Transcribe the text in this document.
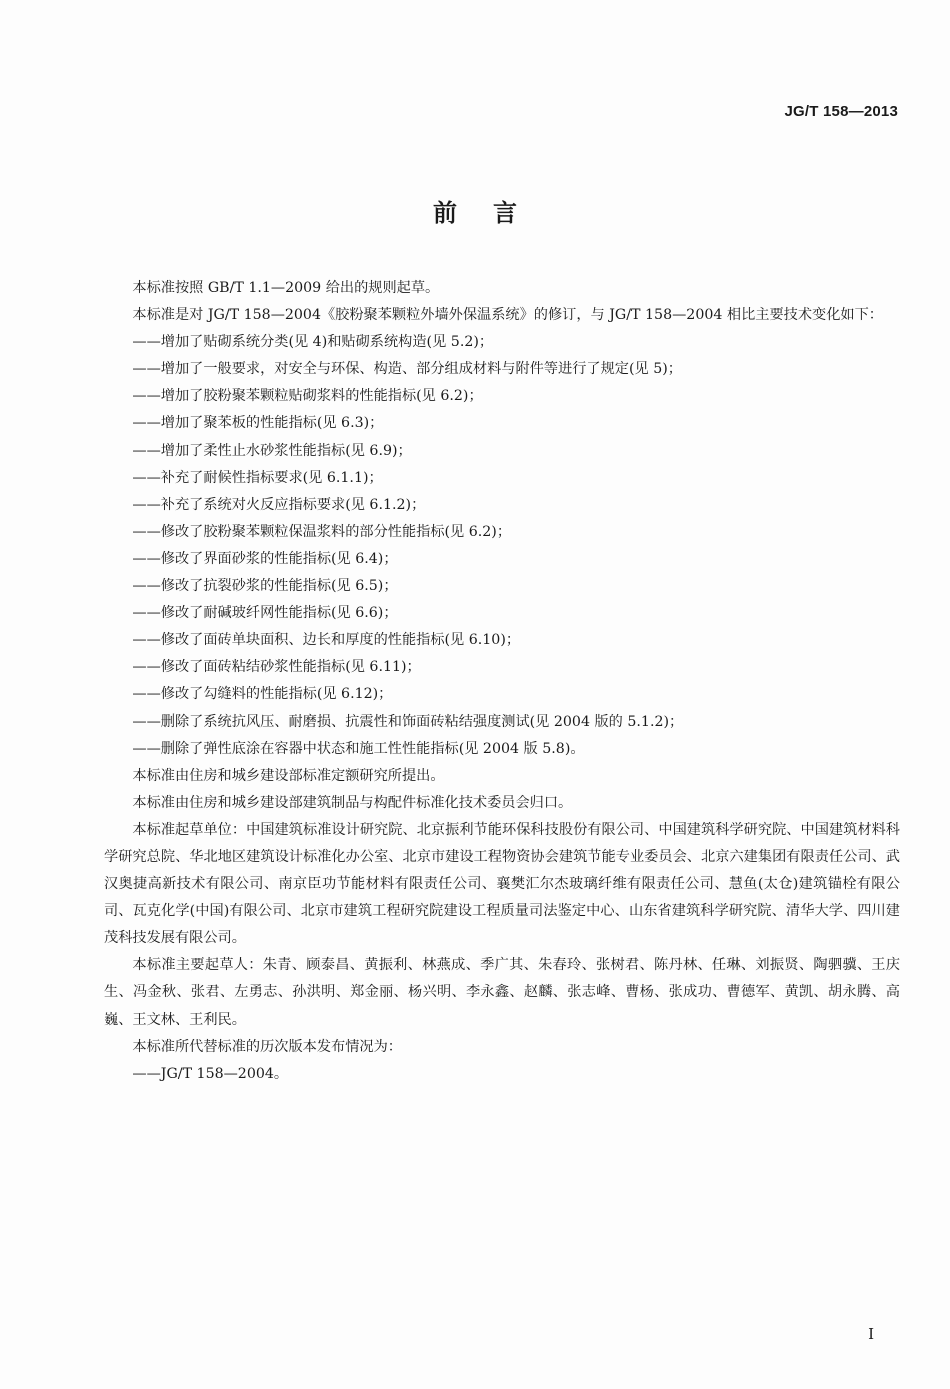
JG/T 158—2013
前言

本标准按照 GB/T 1.1—2009 给出的规则起草。

本标准是对 JG/T 158—2004《胶粉聚苯颗粒外墙外保温系统》的修订，与 JG/T 158—2004 相比主要技术变化如下：

——增加了贴砌系统分类(见 4)和贴砌系统构造(见 5.2)；

——增加了一般要求，对安全与环保、构造、部分组成材料与附件等进行了规定(见 5)；

——增加了胶粉聚苯颗粒贴砌浆料的性能指标(见 6.2)；

——增加了聚苯板的性能指标(见 6.3)；

——增加了柔性止水砂浆性能指标(见 6.9)；

——补充了耐候性指标要求(见 6.1.1)；

——补充了系统对火反应指标要求(见 6.1.2)；

——修改了胶粉聚苯颗粒保温浆料的部分性能指标(见 6.2)；

——修改了界面砂浆的性能指标(见 6.4)；

——修改了抗裂砂浆的性能指标(见 6.5)；

——修改了耐碱玻纤网性能指标(见 6.6)；

——修改了面砖单块面积、边长和厚度的性能指标(见 6.10)；

——修改了面砖粘结砂浆性能指标(见 6.11)；

——修改了勾缝料的性能指标(见 6.12)；

——删除了系统抗风压、耐磨损、抗震性和饰面砖粘结强度测试(见 2004 版的 5.1.2)；

——删除了弹性底涂在容器中状态和施工性性能指标(见 2004 版 5.8)。

本标准由住房和城乡建设部标准定额研究所提出。

本标准由住房和城乡建设部建筑制品与构配件标准化技术委员会归口。

本标准起草单位：中国建筑标准设计研究院、北京振利节能环保科技股份有限公司、中国建筑科学研究院、中国建筑材料科学研究总院、华北地区建筑设计标准化办公室、北京市建设工程物资协会建筑节能专业委员会、北京六建集团有限责任公司、武汉奥捷高新技术有限公司、南京臣功节能材料有限责任公司、襄樊汇尔杰玻璃纤维有限责任公司、慧鱼(太仓)建筑锚栓有限公司、瓦克化学(中国)有限公司、北京市建筑工程研究院建设工程质量司法鉴定中心、山东省建筑科学研究院、清华大学、四川建茂科技发展有限公司。

本标准主要起草人：朱青、顾泰昌、黄振利、林燕成、季广其、朱春玲、张树君、陈丹林、任琳、刘振贤、陶驷骥、王庆生、冯金秋、张君、左勇志、孙洪明、郑金丽、杨兴明、李永鑫、赵麟、张志峰、曹杨、张成功、曹德军、黄凯、胡永腾、高巍、王文林、王利民。

本标准所代替标准的历次版本发布情况为：

——JG/T 158—2004。

I
